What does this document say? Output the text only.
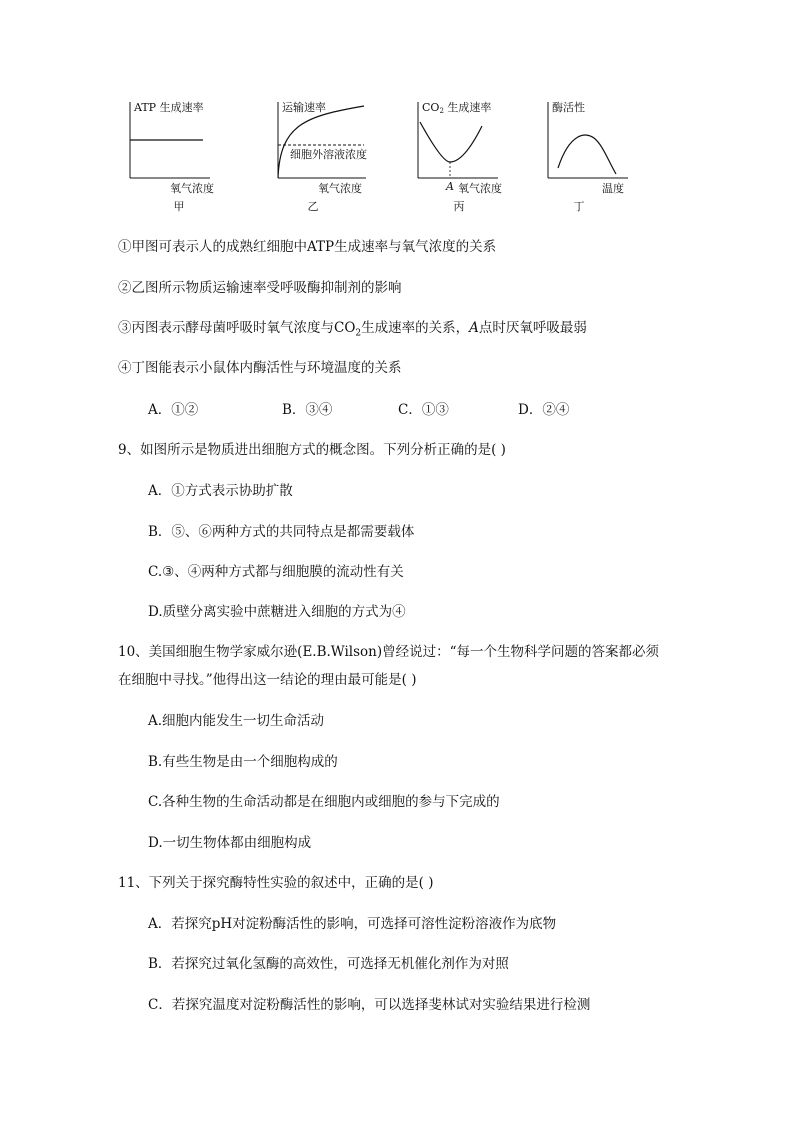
ATP 生成速率
氧气浓度
甲
运输速率
细胞外溶液浓度
氧气浓度
乙
CO2 生成速率
A 氧气浓度
丙
酶活性
温度
丁
①甲图可表示人的成熟红细胞中ATP生成速率与氧气浓度的关系
②乙图所示物质运输速率受呼吸酶抑制剂的影响
③丙图表示酵母菌呼吸时氧气浓度与$CO_2$生成速率的关系，A点时厌氧呼吸最弱
④丁图能表示小鼠体内酶活性与环境温度的关系
A．①②	B．③④	C．①③	D．②④
9、如图所示是物质进出细胞方式的概念图。下列分析正确的是( )
A．①方式表示协助扩散
B．⑤、⑥两种方式的共同特点是都需要载体
C.③、④两种方式都与细胞膜的流动性有关
D.质壁分离实验中蔗糖进入细胞的方式为④
10、美国细胞生物学家威尔逊(E.B.Wilson)曾经说过：“每一个生物科学问题的答案都必须
在细胞中寻找。”他得出这一结论的理由最可能是( )
A.细胞内能发生一切生命活动
B.有些生物是由一个细胞构成的
C.各种生物的生命活动都是在细胞内或细胞的参与下完成的
D.一切生物体都由细胞构成
11、下列关于探究酶特性实验的叙述中，正确的是( )
A．若探究pH对淀粉酶活性的影响，可选择可溶性淀粉溶液作为底物
B．若探究过氧化氢酶的高效性，可选择无机催化剂作为对照
C．若探究温度对淀粉酶活性的影响，可以选择斐林试对实验结果进行检测
